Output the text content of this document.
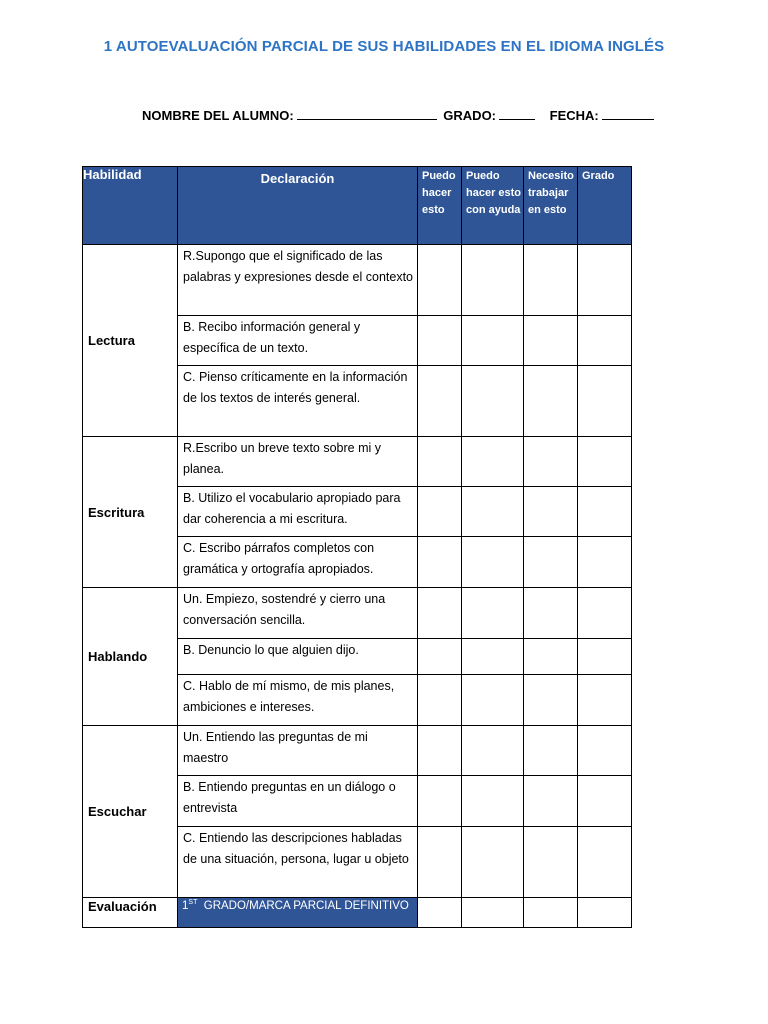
1 AUTOEVALUACIÓN PARCIAL DE SUS HABILIDADES EN EL IDIOMA INGLÉS
NOMBRE DEL ALUMNO:	GRADO:	FECHA:
Habilidad	Declaración	Puedo hacer esto	Puedo hacer esto con ayuda	Necesito trabajar en esto	Grado
Lectura	R.Supongo que el significado de las palabras y expresiones desde el contexto				
	B. Recibo información general y específica de un texto.				
	C. Pienso críticamente en la información de los textos de interés general.				
Escritura	R.Escribo un breve texto sobre mi y planea.				
	B. Utilizo el vocabulario apropiado para dar coherencia a mi escritura.				
	C. Escribo párrafos completos con gramática y ortografía apropiados.				
Hablando	Un. Empiezo, sostendré y cierro una conversación sencilla.				
	B. Denuncio lo que alguien dijo.				
	C. Hablo de mí mismo, de mis planes, ambiciones e intereses.				
Escuchar	Un. Entiendo las preguntas de mi maestro				
	B. Entiendo preguntas en un diálogo o entrevista				
	C. Entiendo las descripciones habladas de una situación, persona, lugar u objeto				
Evaluación	1ST GRADO/MARCA PARCIAL DEFINITIVO				
